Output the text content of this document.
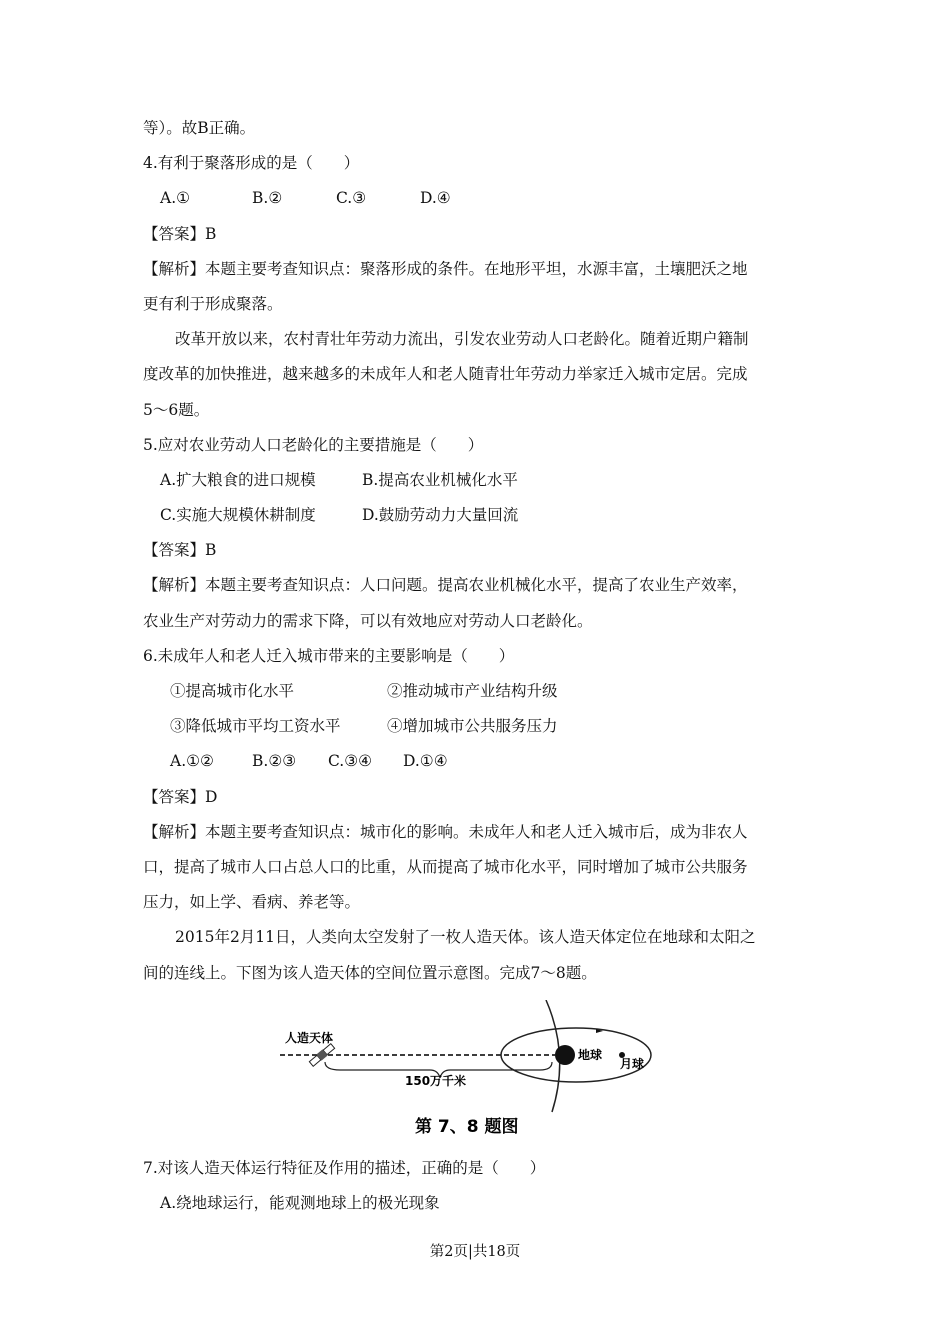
等）。故B正确。
4.有利于聚落形成的是（　　）
A.①	B.②	C.③	D.④
【答案】B
【解析】本题主要考查知识点：聚落形成的条件。在地形平坦，水源丰富，土壤肥沃之地
更有利于形成聚落。
改革开放以来，农村青壮年劳动力流出，引发农业劳动人口老龄化。随着近期户籍制
度改革的加快推进，越来越多的未成年人和老人随青壮年劳动力举家迁入城市定居。完成
5～6题。
5.应对农业劳动人口老龄化的主要措施是（　　）
A.扩大粮食的进口规模	B.提高农业机械化水平
C.实施大规模休耕制度	D.鼓励劳动力大量回流
【答案】B
【解析】本题主要考查知识点：人口问题。提高农业机械化水平，提高了农业生产效率，
农业生产对劳动力的需求下降，可以有效地应对劳动人口老龄化。
6.未成年人和老人迁入城市带来的主要影响是（　　）
①提高城市化水平	②推动城市产业结构升级
③降低城市平均工资水平	④增加城市公共服务压力
A.①② B.②③ C.③④ D.①④
【答案】D
【解析】本题主要考查知识点：城市化的影响。未成年人和老人迁入城市后，成为非农人
口，提高了城市人口占总人口的比重，从而提高了城市化水平，同时增加了城市公共服务
压力，如上学、看病、养老等。
2015年2月11日，人类向太空发射了一枚人造天体。该人造天体定位在地球和太阳之
间的连线上。下图为该人造天体的空间位置示意图。完成7～8题。
人造天体
150万千米
地球
月球
第 7、8 题图
7.对该人造天体运行特征及作用的描述，正确的是（　　）
A.绕地球运行，能观测地球上的极光现象
第2页|共18页
